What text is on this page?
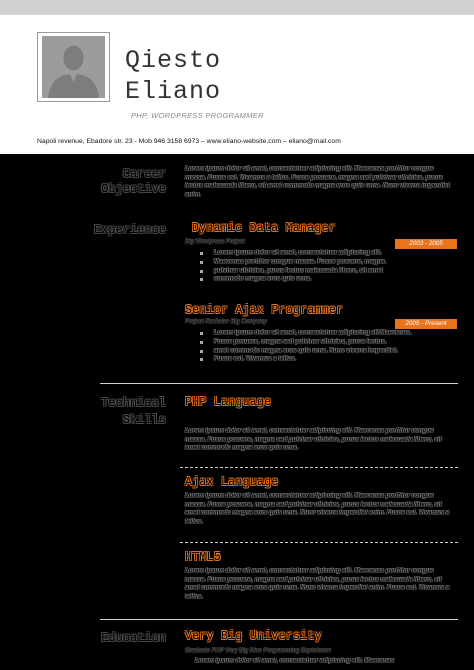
Qiesto
Eliano
PHP, WORDPRESS PROGRAMMER
Napoli revenue, Ebadore str. 23 - Mob 946 3158 6973 – www.eliano-website.com – eliano@mail.com
Career
Objective
Lorem ipsum dolor sit amet, consectetuer adipiscing elit. Maecenas porttitor congue massa. Fusce est. Vivamus a tellus. Fusce posuere, magna sed pulvinar ultricies, purus lectus malesuada libero, sit amet commodo magna eros quis urna. Nunc viverra imperdiet enim.
Experience Dynamic Data Manager
Big Wordpress Project	2003 - 2005
Lorem ipsum dolor sit amet, consectetuer adipiscing elit.
Maecenas porttitor congue massa. Fusce posuere, magna.
pulvinar ultricies, purus lectus malesuada libero, sit amet
commodo magna eros quis urna.
Senior Ajax Programmer
Project Rockstar Big Company	2005 - Present
Lorem ipsum dolor sit amet, consectetuer adipiscing elitMaecenas.
Fusce posuere, magna sed pulvinar ultricies, purus lectus.
amet commodo magna eros quis urna. Nunc viverra imperdiet.
Fusce est. Vivamus a tellus.
Technical
Skills
PHP Language
Lorem ipsum dolor sit amet, consectetuer adipiscing elit. Maecenas porttitor congue massa. Fusce posuere, magna sed pulvinar ultricies, purus lectus malesuada libero, sit amet commodo magna eros quis urna.
Ajax Language
Lorem ipsum dolor sit amet, consectetuer adipiscing elit. Maecenas porttitor congue massa. Fusce posuere, magna sed pulvinar ultricies, purus lectus malesuada libero, sit amet commodo magna eros quis urna. Nunc viverra imperdiet enim. Fusce est. Vivamus a tellus.
HTML5
Lorem ipsum dolor sit amet, consectetuer adipiscing elit. Maecenas porttitor congue massa. Fusce posuere, magna sed pulvinar ultricies, purus lectus malesuada libero, sit amet commodo magna eros quis urna. Nunc viverra imperdiet enim. Fusce est. Vivamus a tellus.
Education Very Big University
Graduate PHP Very Big Nice Programming Experience
Lorem ipsum dolor sit amet, consectetuer adipiscing elit. Maecenas
